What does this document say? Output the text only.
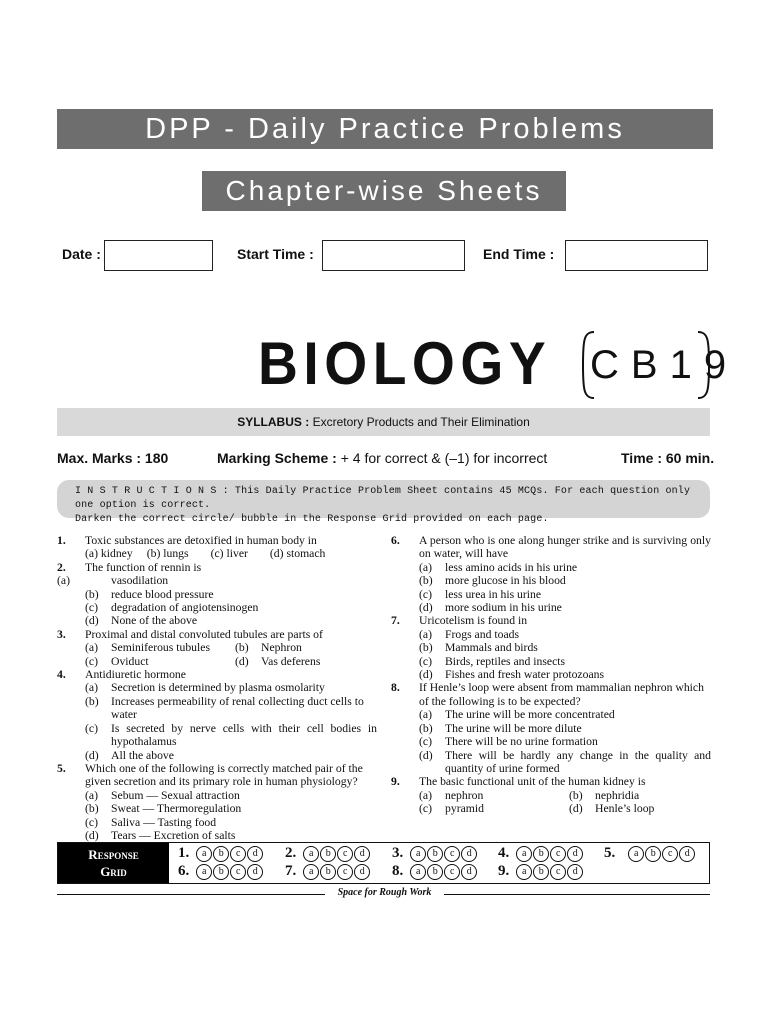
DPP - Daily Practice Problems
Chapter-wise Sheets
Date :	Start Time :	End Time :
BIOLOGY CB19
SYLLABUS : Excretory Products and Their Elimination
Max. Marks : 180	Marking Scheme : + 4 for correct & (–1) for incorrect	Time : 60 min.
I N S T R U C T I O N S : This Daily Practice Problem Sheet contains 45 MCQs. For each question only one option is correct.
Darken the correct circle/ bubble in the Response Grid provided on each page.
1. Toxic substances are detoxified in human body in
(a) kidney (b) lungs (c) liver (d) stomach
2. The function of rennin is
(a)	vasodilation
(b) reduce blood pressure
(c) degradation of angiotensinogen
(d) None of the above
3. Proximal and distal convoluted tubules are parts of
(a) Seminiferous tubules	(b) Nephron
(c) Oviduct	(d) Vas deferens
4. Antidiuretic hormone
(a) Secretion is determined by plasma osmolarity
(b) Increases permeability of renal collecting duct cells to water
(c) Is secreted by nerve cells with their cell bodies in hypothalamus
(d) All the above
5. Which one of the following is correctly matched pair of the given secretion and its primary role in human physiology?
(a) Sebum — Sexual attraction
(b) Sweat — Thermoregulation
(c) Saliva — Tasting food
(d) Tears — Excretion of salts
6. A person who is one along hunger strike and is surviving only on water, will have
(a) less amino acids in his urine
(b) more glucose in his blood
(c) less urea in his urine
(d) more sodium in his urine
7. Uricotelism is found in
(a) Frogs and toads
(b) Mammals and birds
(c) Birds, reptiles and insects
(d) Fishes and fresh water protozoans
8. If Henle’s loop were absent from mammalian nephron which of the following is to be expected?
(a) The urine will be more concentrated
(b) The urine will be more dilute
(c) There will be no urine formation
(d) There will be hardly any change in the quality and quantity of urine formed
9. The basic functional unit of the human kidney is
(a) nephron	(b) nephridia
(c) pyramid	(d) Henle’s loop
Response
Grid
1.	a	b	c	d	2.	a	b	c	d	3.	a	b	c	d	4.	a	b	c	d	5.	a	b	c	d
6.	a	b	c	d	7.	a	b	c	d	8.	a	b	c	d	9.	a	b	c	d
Space for Rough Work
